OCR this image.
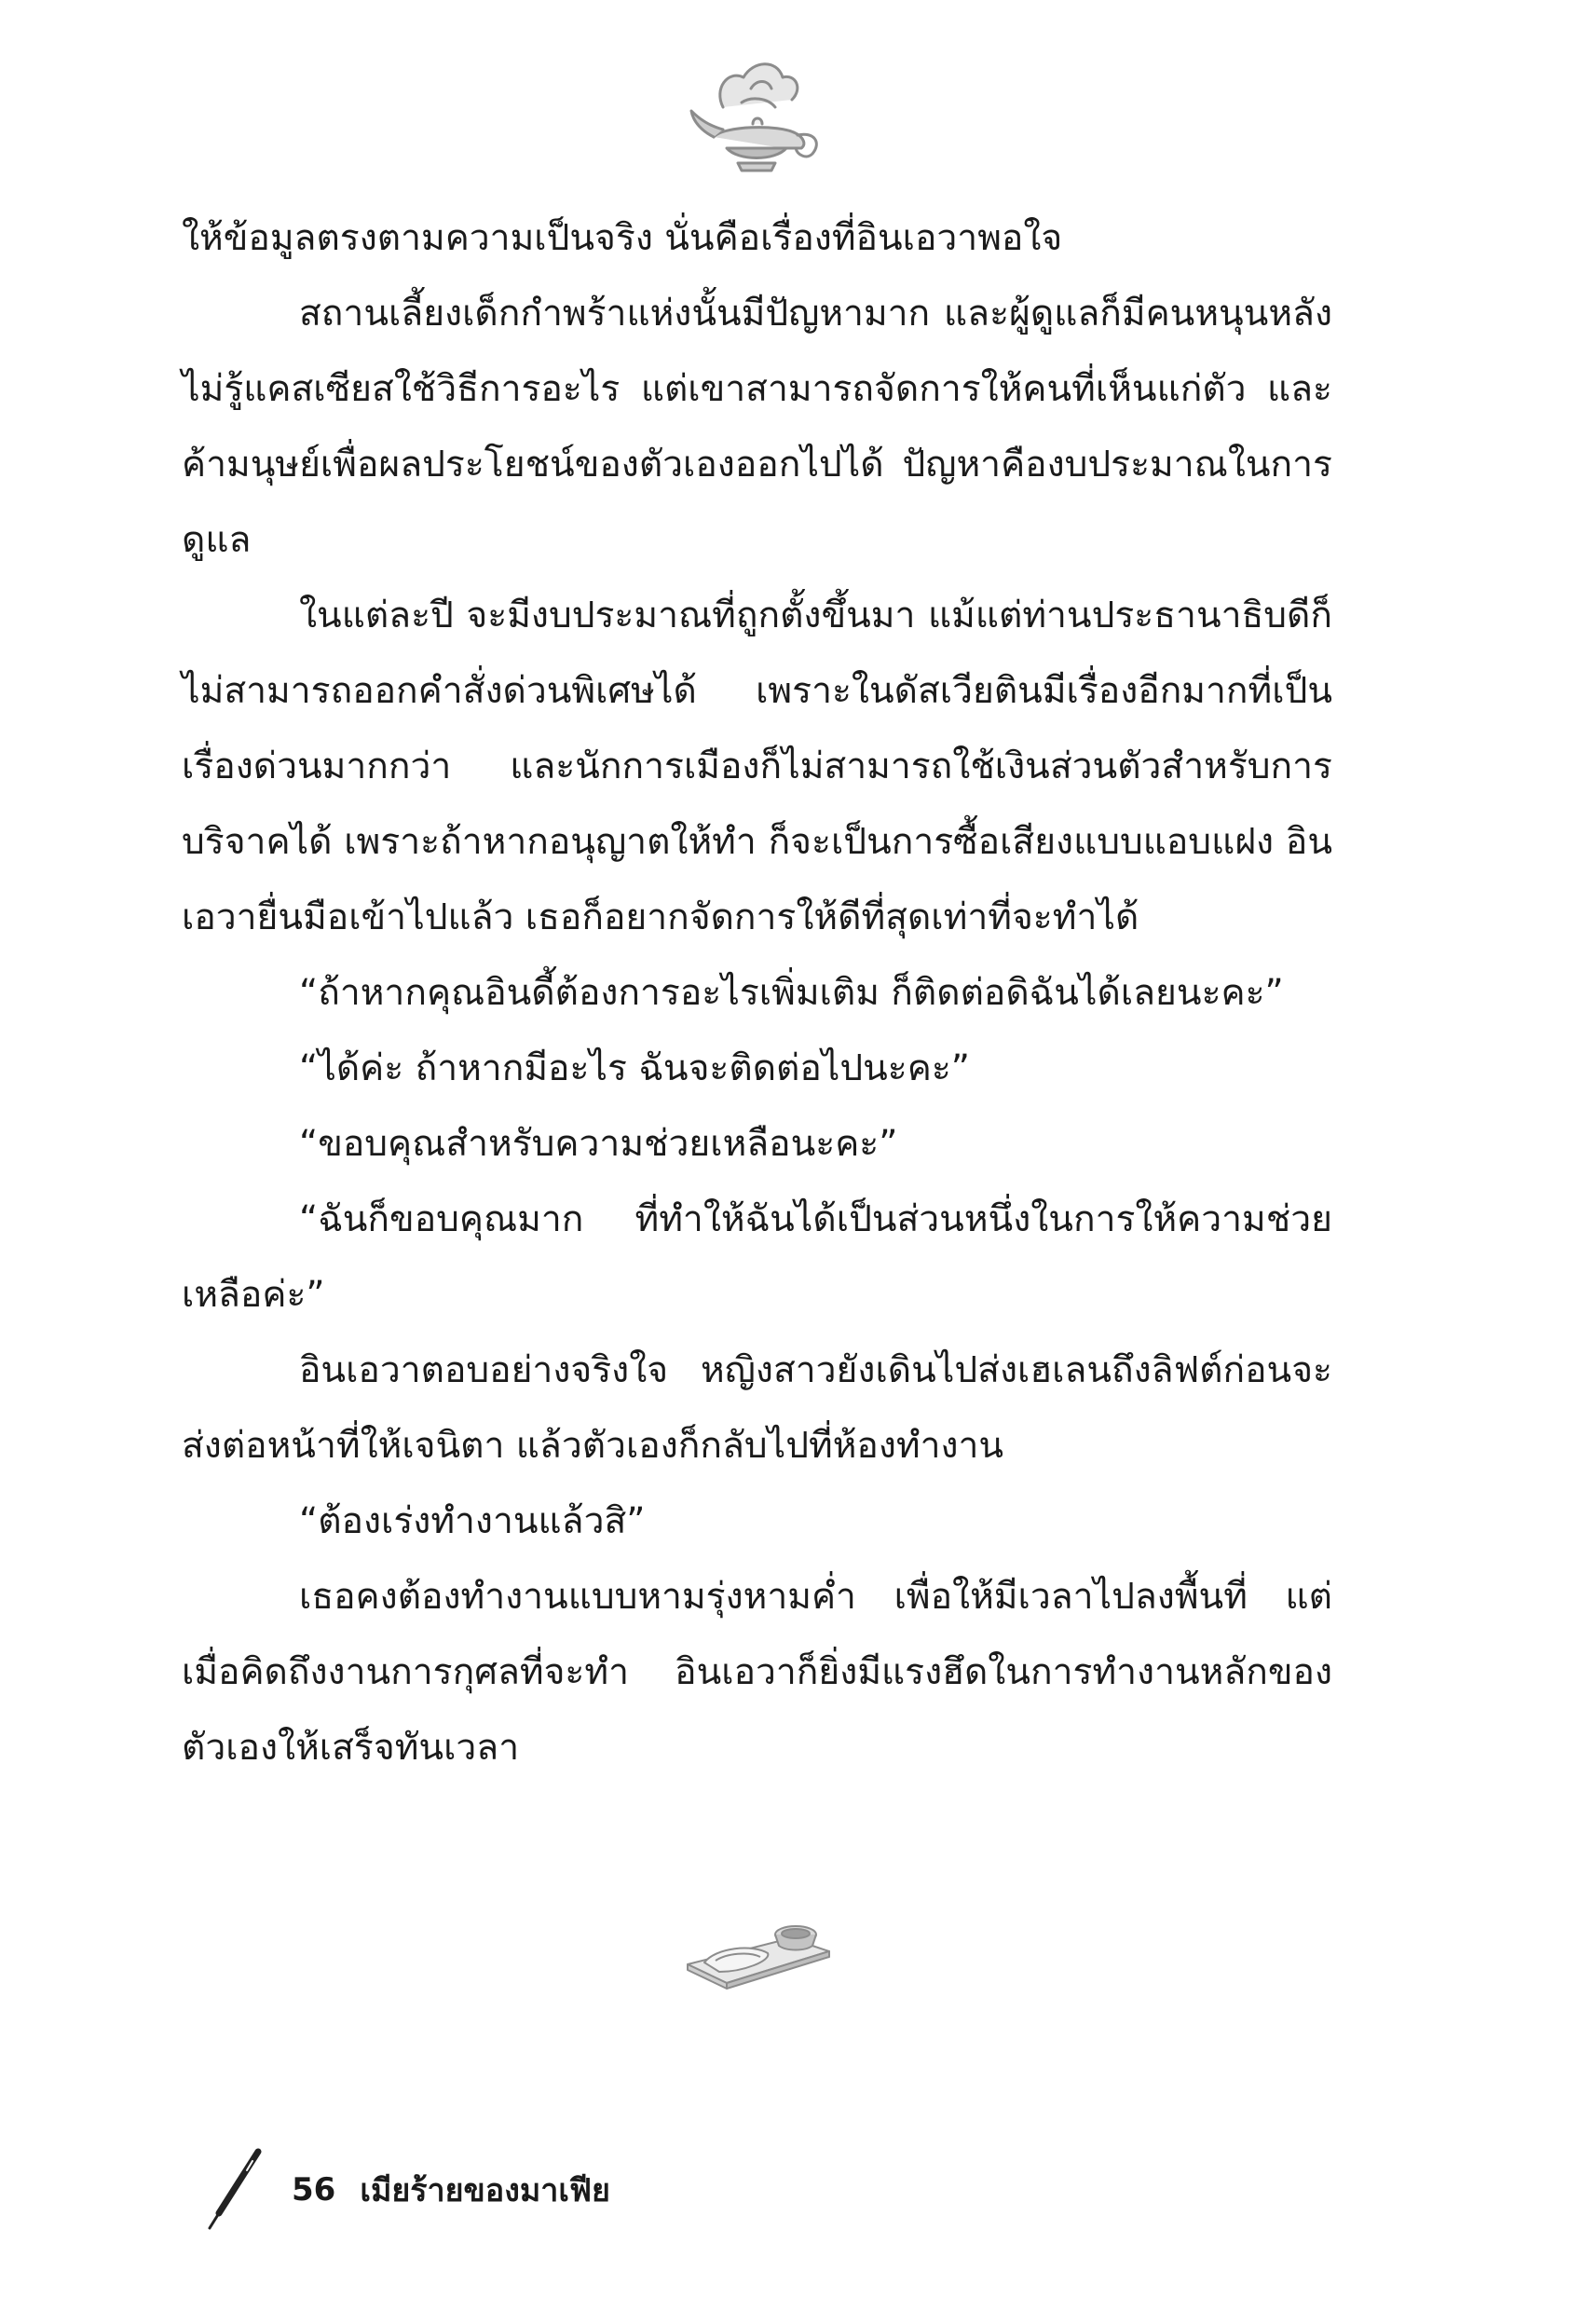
ให้ข้อมูลตรงตามความเป็นจริง นั่นคือเรื่องที่อินเอวาพอใจ

สถานเลี้ยงเด็กกำพร้าแห่งนั้นมีปัญหามาก และผู้ดูแลก็มีคนหนุนหลัง ไม่รู้แคสเซียสใช้วิธีการอะไร แต่เขาสามารถจัดการให้คนที่เห็นแก่ตัว และค้ามนุษย์เพื่อผลประโยชน์ของตัวเองออกไปได้ ปัญหาคืองบประมาณในการดูแล

ในแต่ละปี จะมีงบประมาณที่ถูกตั้งขึ้นมา แม้แต่ท่านประธานาธิบดีก็ไม่สามารถออกคำสั่งด่วนพิเศษได้ เพราะในดัสเวียตินมีเรื่องอีกมากที่เป็นเรื่องด่วนมากกว่า และนักการเมืองก็ไม่สามารถใช้เงินส่วนตัวสำหรับการบริจาคได้ เพราะถ้าหากอนุญาตให้ทำ ก็จะเป็นการซื้อเสียงแบบแอบแฝง อินเอวายื่นมือเข้าไปแล้ว เธอก็อยากจัดการให้ดีที่สุดเท่าที่จะทำได้

“ถ้าหากคุณอินดี้ต้องการอะไรเพิ่มเติม ก็ติดต่อดิฉันได้เลยนะคะ”

“ได้ค่ะ ถ้าหากมีอะไร ฉันจะติดต่อไปนะคะ”

“ขอบคุณสำหรับความช่วยเหลือนะคะ”

“ฉันก็ขอบคุณมาก ที่ทำให้ฉันได้เป็นส่วนหนึ่งในการให้ความช่วยเหลือค่ะ”

อินเอวาตอบอย่างจริงใจ หญิงสาวยังเดินไปส่งเฮเลนถึงลิฟต์ก่อนจะส่งต่อหน้าที่ให้เจนิตา แล้วตัวเองก็กลับไปที่ห้องทำงาน

“ต้องเร่งทำงานแล้วสิ”

เธอคงต้องทำงานแบบหามรุ่งหามค่ำ เพื่อให้มีเวลาไปลงพื้นที่ แต่เมื่อคิดถึงงานการกุศลที่จะทำ อินเอวาก็ยิ่งมีแรงฮึดในการทำงานหลักของตัวเองให้เสร็จทันเวลา

56 เมียร้ายของมาเฟีย
